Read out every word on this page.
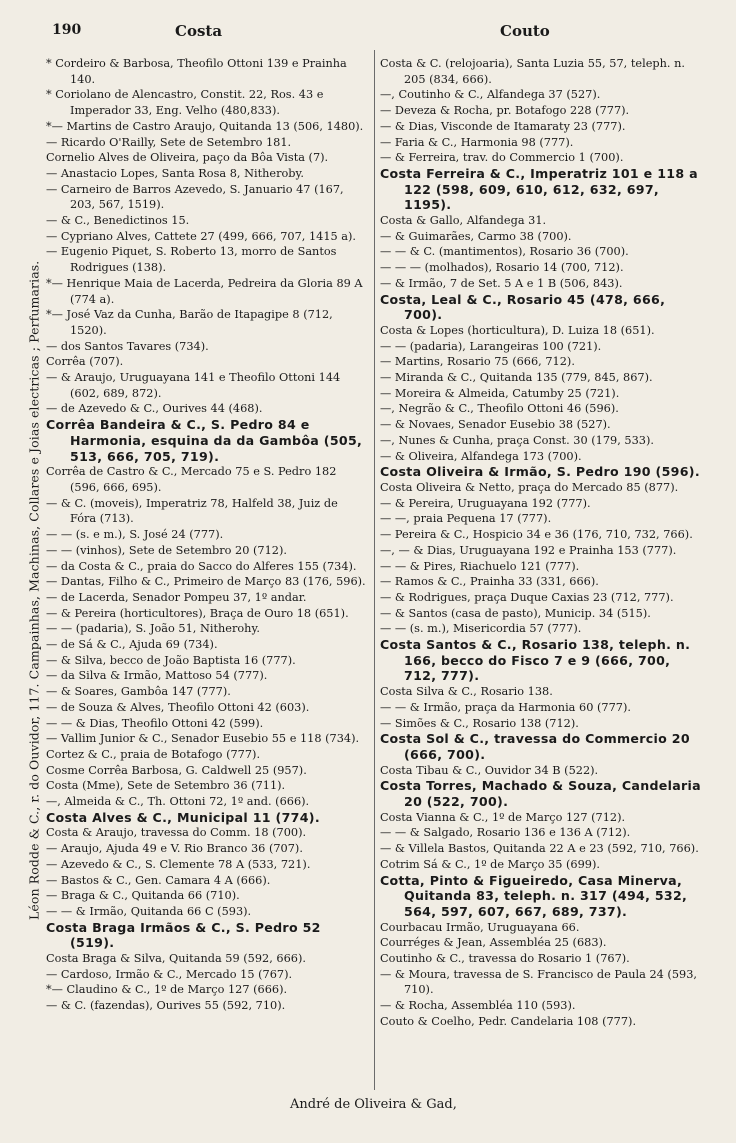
190	Costa	Couto
Léon Rodde & C., r. do Ouvidor, 117. Campainhas, Machinas, Collares e Joias electricas ; Perfumarias.

* Cordeiro & Barbosa, Theofilo Ottoni 139 e Prainha 140.

* Coriolano de Alencastro, Constit. 22, Ros. 43 e Imperador 33, Eng. Velho (480,833).

*— Martins de Castro Araujo, Quitanda 13 (506, 1480).

— Ricardo O'Railly, Sete de Setembro 181.

Cornelio Alves de Oliveira, paço da Bôa Vista (7).

— Anastacio Lopes, Santa Rosa 8, Nitheroby.

— Carneiro de Barros Azevedo, S. Januario 47 (167, 203, 567, 1519).

— & C., Benedictinos 15.

— Cypriano Alves, Cattete 27 (499, 666, 707, 1415 a).

— Eugenio Piquet, S. Roberto 13, morro de Santos Rodrigues (138).

*— Henrique Maia de Lacerda, Pedreira da Gloria 89 A (774 a).

*— José Vaz da Cunha, Barão de Itapagipe 8 (712, 1520).

— dos Santos Tavares (734).

Corrêa (707).

— & Araujo, Uruguayana 141 e Theofilo Ottoni 144 (602, 689, 872).

— de Azevedo & C., Ourives 44 (468).

Corrêa Bandeira & C., S. Pedro 84 e Harmonia, esquina da da Gambôa (505, 513, 666, 705, 719).

Corrêa de Castro & C., Mercado 75 e S. Pedro 182 (596, 666, 695).

— & C. (moveis), Imperatriz 78, Halfeld 38, Juiz de Fóra (713).

— — (s. e m.), S. José 24 (777).

— — (vinhos), Sete de Setembro 20 (712).

— da Costa & C., praia do Sacco do Alferes 155 (734).

— Dantas, Filho & C., Primeiro de Março 83 (176, 596).

— de Lacerda, Senador Pompeu 37, 1º andar.

— & Pereira (horticultores), Braça de Ouro 18 (651).

— — (padaria), S. João 51, Nitherohy.

— de Sá & C., Ajuda 69 (734).

— & Silva, becco de João Baptista 16 (777).

— da Silva & Irmão, Mattoso 54 (777).

— & Soares, Gambôa 147 (777).

— de Souza & Alves, Theofilo Ottoni 42 (603).

— — & Dias, Theofilo Ottoni 42 (599).

— Vallim Junior & C., Senador Eusebio 55 e 118 (734).

Cortez & C., praia de Botafogo (777).

Cosme Corrêa Barbosa, G. Caldwell 25 (957).

Costa (Mme), Sete de Setembro 36 (711).

—, Almeida & C., Th. Ottoni 72, 1º and. (666).

Costa Alves & C., Municipal 11 (774).

Costa & Araujo, travessa do Comm. 18 (700).

— Araujo, Ajuda 49 e V. Rio Branco 36 (707).

— Azevedo & C., S. Clemente 78 A (533, 721).

— Bastos & C., Gen. Camara 4 A (666).

— Braga & C., Quitanda 66 (710).

— — & Irmão, Quitanda 66 C (593).

Costa Braga Irmãos & C., S. Pedro 52 (519).

Costa Braga & Silva, Quitanda 59 (592, 666).

— Cardoso, Irmão & C., Mercado 15 (767).

*— Claudino & C., 1º de Março 127 (666).

— & C. (fazendas), Ourives 55 (592, 710).

Costa & C. (relojoaria), Santa Luzia 55, 57, teleph. n. 205 (834, 666).

—, Coutinho & C., Alfandega 37 (527).

— Deveza & Rocha, pr. Botafogo 228 (777).

— & Dias, Visconde de Itamaraty 23 (777).

— Faria & C., Harmonia 98 (777).

— & Ferreira, trav. do Commercio 1 (700).

Costa Ferreira & C., Imperatriz 101 e 118 a 122 (598, 609, 610, 612, 632, 697, 1195).

Costa & Gallo, Alfandega 31.

— & Guimarães, Carmo 38 (700).

— — & C. (mantimentos), Rosario 36 (700).

— — — (molhados), Rosario 14 (700, 712).

— & Irmão, 7 de Set. 5 A e 1 B (506, 843).

Costa, Leal & C., Rosario 45 (478, 666, 700).

Costa & Lopes (horticultura), D. Luiza 18 (651).

— — (padaria), Larangeiras 100 (721).

— Martins, Rosario 75 (666, 712).

— Miranda & C., Quitanda 135 (779, 845, 867).

— Moreira & Almeida, Catumby 25 (721).

—, Negrão & C., Theofilo Ottoni 46 (596).

— & Novaes, Senador Eusebio 38 (527).

—, Nunes & Cunha, praça Const. 30 (179, 533).

— & Oliveira, Alfandega 173 (700).

Costa Oliveira & Irmão, S. Pedro 190 (596).

Costa Oliveira & Netto, praça do Mercado 85 (877).

— & Pereira, Uruguayana 192 (777).

— —, praia Pequena 17 (777).

— Pereira & C., Hospicio 34 e 36 (176, 710, 732, 766).

—, — & Dias, Uruguayana 192 e Prainha 153 (777).

— — & Pires, Riachuelo 121 (777).

— Ramos & C., Prainha 33 (331, 666).

— & Rodrigues, praça Duque Caxias 23 (712, 777).

— & Santos (casa de pasto), Municip. 34 (515).

— — (s. m.), Misericordia 57 (777).

Costa Santos & C., Rosario 138, teleph. n. 166, becco do Fisco 7 e 9 (666, 700, 712, 777).

Costa Silva & C., Rosario 138.

— — & Irmão, praça da Harmonia 60 (777).

— Simões & C., Rosario 138 (712).

Costa Sol & C., travessa do Commercio 20 (666, 700).

Costa Tibau & C., Ouvidor 34 B (522).

Costa Torres, Machado & Souza, Candelaria 20 (522, 700).

Costa Vianna & C., 1º de Março 127 (712).

— — & Salgado, Rosario 136 e 136 A (712).

— & Villela Bastos, Quitanda 22 A e 23 (592, 710, 766).

Cotrim Sá & C., 1º de Março 35 (699).

Cotta, Pinto & Figueiredo, Casa Minerva, Quitanda 83, teleph. n. 317 (494, 532, 564, 597, 607, 667, 689, 737).

Courbacau Irmão, Uruguayana 66.

Courréges & Jean, Assembléa 25 (683).

Coutinho & C., travessa do Rosario 1 (767).

— & Moura, travessa de S. Francisco de Paula 24 (593, 710).

— & Rocha, Assembléa 110 (593).

Couto & Coelho, Pedr. Candelaria 108 (777).

André de Oliveira & Gad,
